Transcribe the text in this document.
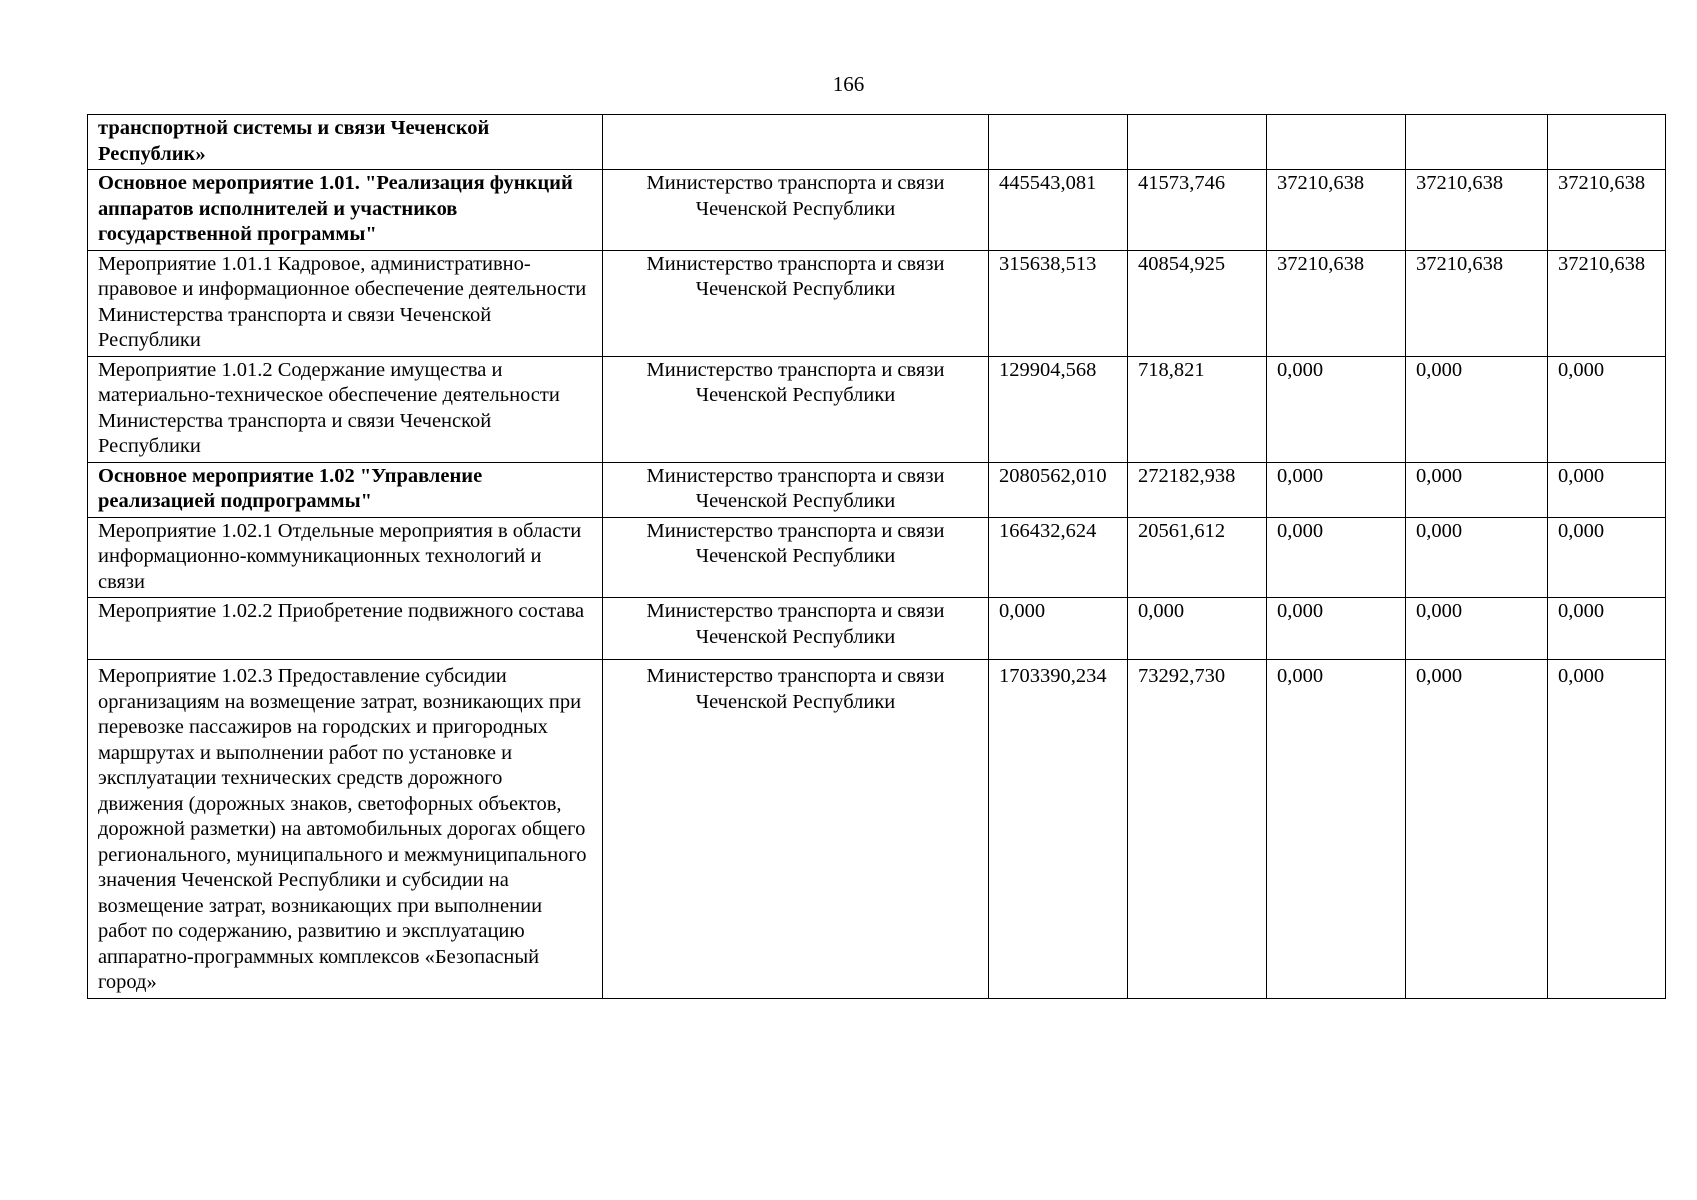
166
транспортной системы и связи Чеченской Республик»						
Основное мероприятие 1.01. "Реализация функций аппаратов исполнителей и участников государственной программы"	Министерство транспорта и связи Чеченской Республики	445543,081	41573,746	37210,638	37210,638	37210,638
Мероприятие 1.01.1 Кадровое, административно-правовое и информационное обеспечение деятельности Министерства транспорта и связи Чеченской Республики	Министерство транспорта и связи Чеченской Республики	315638,513	40854,925	37210,638	37210,638	37210,638
Мероприятие 1.01.2 Содержание имущества и материально-техническое обеспечение деятельности Министерства транспорта и связи Чеченской Республики	Министерство транспорта и связи Чеченской Республики	129904,568	718,821	0,000	0,000	0,000
Основное мероприятие 1.02 "Управление реализацией подпрограммы"	Министерство транспорта и связи Чеченской Республики	2080562,010	272182,938	0,000	0,000	0,000
Мероприятие 1.02.1 Отдельные мероприятия в области информационно-коммуникационных технологий и связи	Министерство транспорта и связи Чеченской Республики	166432,624	20561,612	0,000	0,000	0,000
Мероприятие 1.02.2 Приобретение подвижного состава	Министерство транспорта и связи Чеченской Республики	0,000	0,000	0,000	0,000	0,000
Мероприятие 1.02.3 Предоставление субсидии организациям на возмещение затрат, возникающих при перевозке пассажиров на городских и пригородных маршрутах и выполнении работ по установке и эксплуатации технических средств дорожного движения (дорожных знаков, светофорных объектов, дорожной разметки) на автомобильных дорогах общего регионального, муниципального и межмуниципального значения Чеченской Республики и субсидии на возмещение затрат, возникающих при выполнении работ по содержанию, развитию и эксплуатацию аппаратно-программных комплексов «Безопасный город»	Министерство транспорта и связи Чеченской Республики	1703390,234	73292,730	0,000	0,000	0,000
